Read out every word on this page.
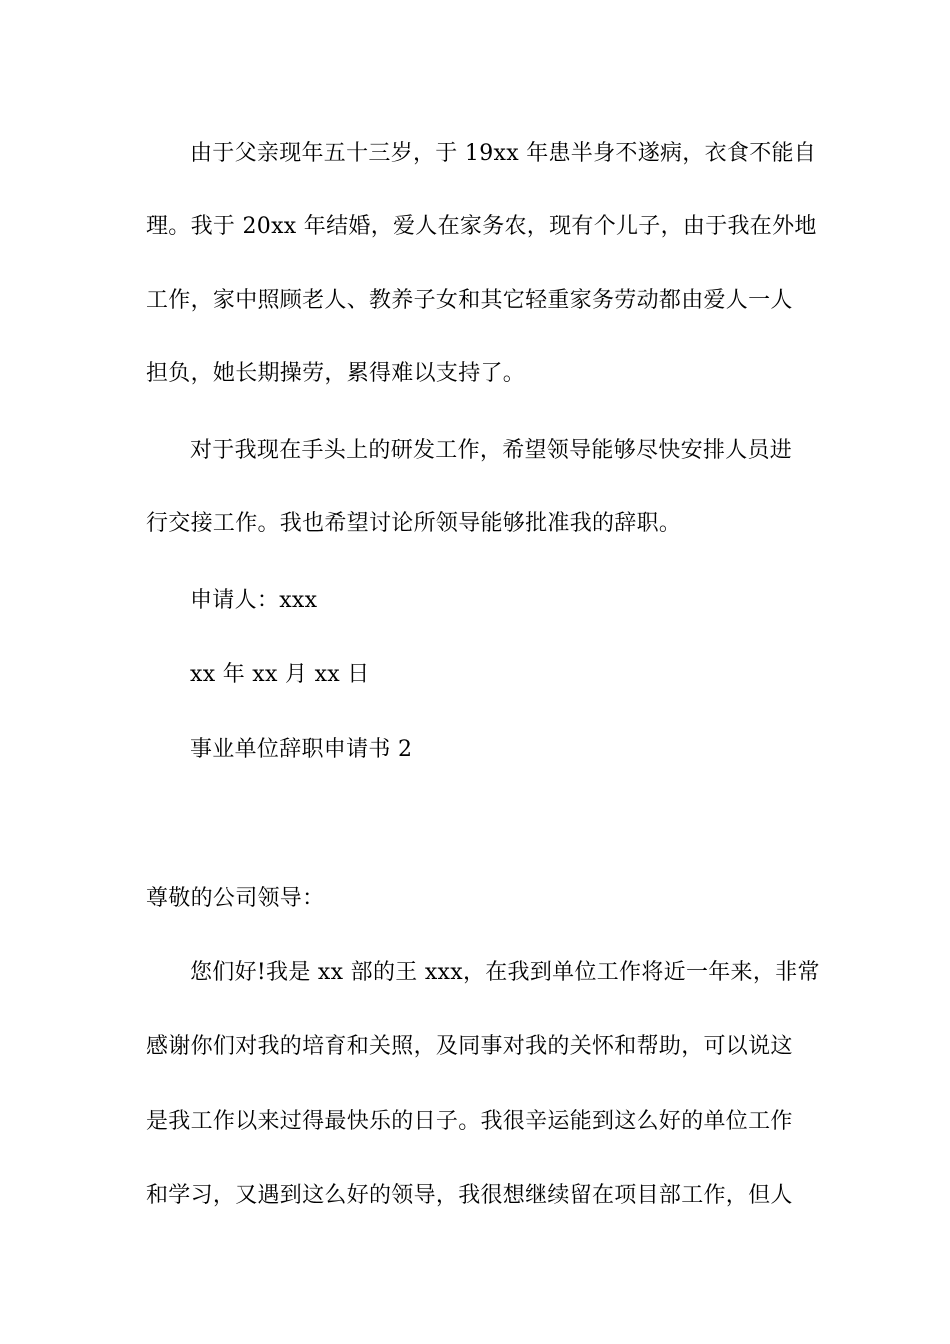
由于父亲现年五十三岁，于 19xx 年患半身不遂病，衣食不能自
理。我于 20xx 年结婚，爱人在家务农，现有个儿子，由于我在外地
工作，家中照顾老人、教养子女和其它轻重家务劳动都由爱人一人
担负，她长期操劳，累得难以支持了。
对于我现在手头上的研发工作，希望领导能够尽快安排人员进
行交接工作。我也希望讨论所领导能够批准我的辞职。
申请人：xxx
xx 年 xx 月 xx 日
事业单位辞职申请书 2
尊敬的公司领导：
您们好!我是 xx 部的王 xxx，在我到单位工作将近一年来，非常
感谢你们对我的培育和关照，及同事对我的关怀和帮助，可以说这
是我工作以来过得最快乐的日子。我很辛运能到这么好的单位工作
和学习，又遇到这么好的领导，我很想继续留在项目部工作，但人
